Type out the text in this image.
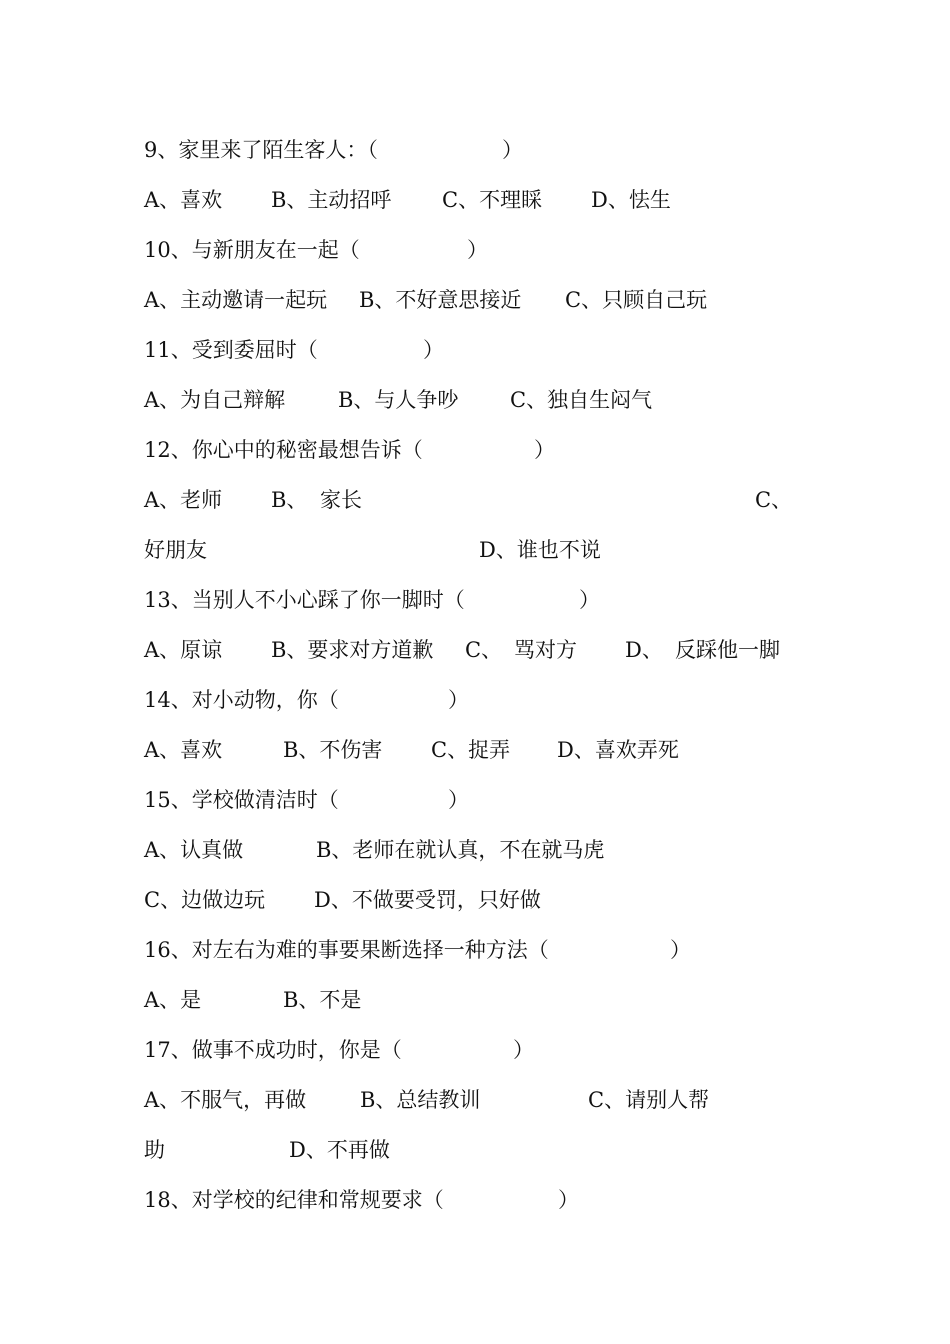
9、家里来了陌生客人：（

	）

A、喜欢

B、主动招呼

C、不理睬

D、怯生

10、与新朋友在一起（

	）

A、主动邀请一起玩

B、不好意思接近

C、只顾自己玩

11、受到委屈时（

	）

A、为自己辩解

	B、与人争吵

C、独自生闷气

12、你心中的秘密最想告诉（

	）

A、老师

B、

家长

	C、

好朋友

	D、谁也不说

13、当别人不小心踩了你一脚时（

	）

A、原谅

B、要求对方道歉

C、

骂对方

D、

反踩他一脚

14、对小动物，你（

	）

A、喜欢

	B、不伤害

C、捉弄

D、喜欢弄死

15、学校做清洁时（

	）

A、认真做

	B、老师在就认真，不在就马虎

C、边做边玩

D、不做要受罚，只好做

16、对左右为难的事要果断选择一种方法（

	）

A、是

	B、不是

17、做事不成功时，你是（

	）

A、不服气，再做

	B、总结教训

	C、请别人帮

助

	D、不再做

18、对学校的纪律和常规要求（

	）
